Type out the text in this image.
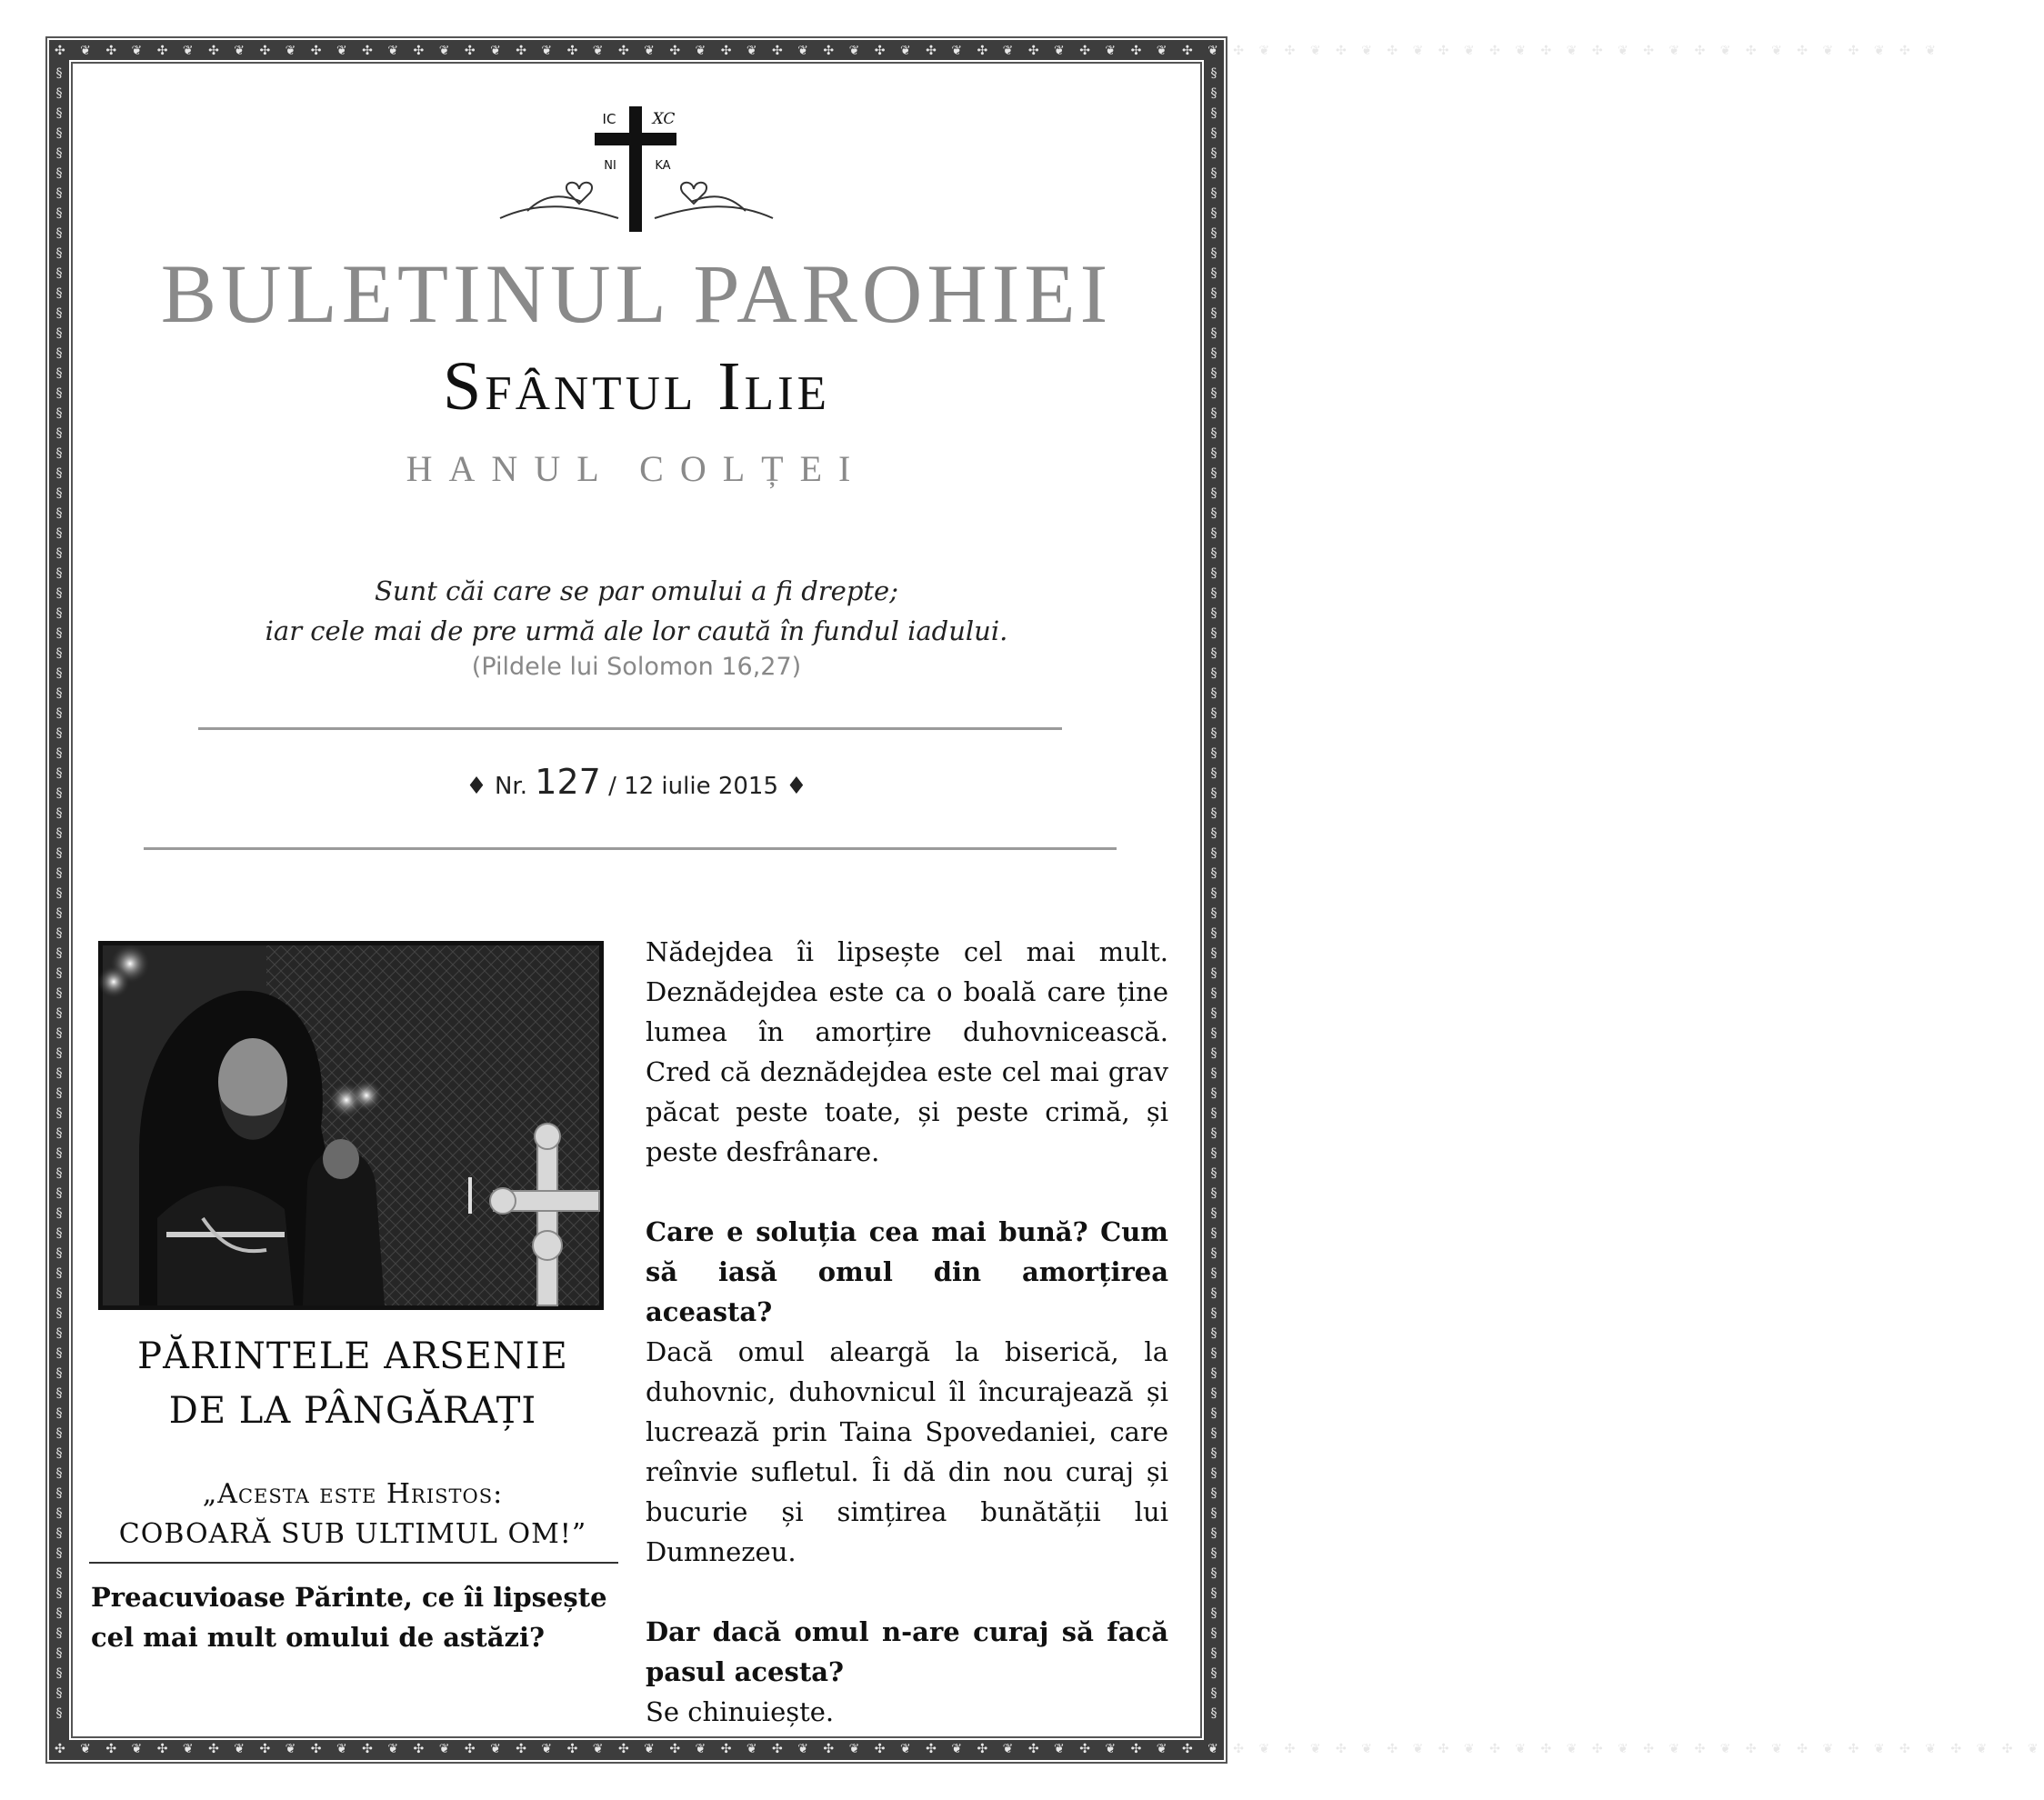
✣ ❦ ✣ ❦ ✣ ❦ ✣ ❦ ✣ ❦ ✣ ❦ ✣ ❦ ✣ ❦ ✣ ❦ ✣ ❦ ✣ ❦ ✣ ❦ ✣ ❦ ✣ ❦ ✣ ❦ ✣ ❦ ✣ ❦ ✣ ❦ ✣ ❦ ✣ ❦ ✣ ❦ ✣ ❦ ✣ ❦ ✣ ❦ ✣ ❦ ✣ ❦ ✣ ❦ ✣ ❦ ✣ ❦ ✣ ❦ ✣ ❦ ✣ ❦ ✣ ❦ ✣ ❦ ✣ ❦ ✣ ❦ ✣ ❦
✣ ❦ ✣ ❦ ✣ ❦ ✣ ❦ ✣ ❦ ✣ ❦ ✣ ❦ ✣ ❦ ✣ ❦ ✣ ❦ ✣ ❦ ✣ ❦ ✣ ❦ ✣ ❦ ✣ ❦ ✣ ❦ ✣ ❦ ✣ ❦ ✣ ❦ ✣ ❦ ✣ ❦ ✣ ❦ ✣ ❦ ✣ ❦ ✣ ❦ ✣ ❦ ✣ ❦ ✣ ❦ ✣ ❦ ✣ ❦ ✣ ❦ ✣ ❦ ✣ ❦ ✣ ❦ ✣ ❦ ✣ ❦ ✣ ❦ ✣ ❦ ✣ ❦
§
§
§
§
§
§
§
§
§
§
§
§
§
§
§
§
§
§
§
§
§
§
§
§
§
§
§
§
§
§
§
§
§
§
§
§
§
§
§
§
§
§
§
§
§
§
§
§
§
§
§
§
§
§
§
§
§
§
§
§
§
§
§
§
§
§
§
§
§
§
§
§
§
§
§
§
§
§
§
§
§
§
§
§
§
§
§
§
§
§
§
§
§
§
§
§
§
§
§
§
§
§
§
§
§
§
§
§
§
§
§
§
§
§
§
§
§
§
§
§
§
§
§
§
§
§
§
§
§
§
§
§
§
§
§
§
§
§
§
§
§
§
§
§
§
§
§
§
§
§
§
§
§
§
§
§
§
§
§
§
§
§
§
§
§
§
IC XC
NI	KA
BULETINUL PAROHIEI
Sfântul Ilie
HANUL COLȚEI
Sunt căi care se par omului a fi drepte;
iar cele mai de pre urmă ale lor caută în fundul iadului.
(Pildele lui Solomon 16,27)
♦ Nr. 127 / 12 iulie 2015 ♦
PĂRINTELE ARSENIE
DE LA PÂNGĂRAȚI
„Acesta este Hristos:
COBOARĂ SUB ULTIMUL OM!”
Preacuvioase Părinte, ce îi lipsește cel mai mult omului de astăzi?

Nădejdea îi lipsește cel mai mult. Deznădejdea este ca o boală care ține lumea în amorțire duhovnicească. Cred că deznădejdea este cel mai grav păcat peste toate, și peste crimă, și peste desfrânare.

Care e soluția cea mai bună? Cum să iasă omul din amorțirea aceasta?

Dacă omul aleargă la biserică, la duhovnic, duhovnicul îl încurajează și lucrează prin Taina Spovedaniei, care reînvie sufletul. Îi dă din nou curaj și bucurie și simțirea bunătății lui Dumnezeu.

Dar dacă omul n-are curaj să facă pasul acesta?

Se chinuiește.
